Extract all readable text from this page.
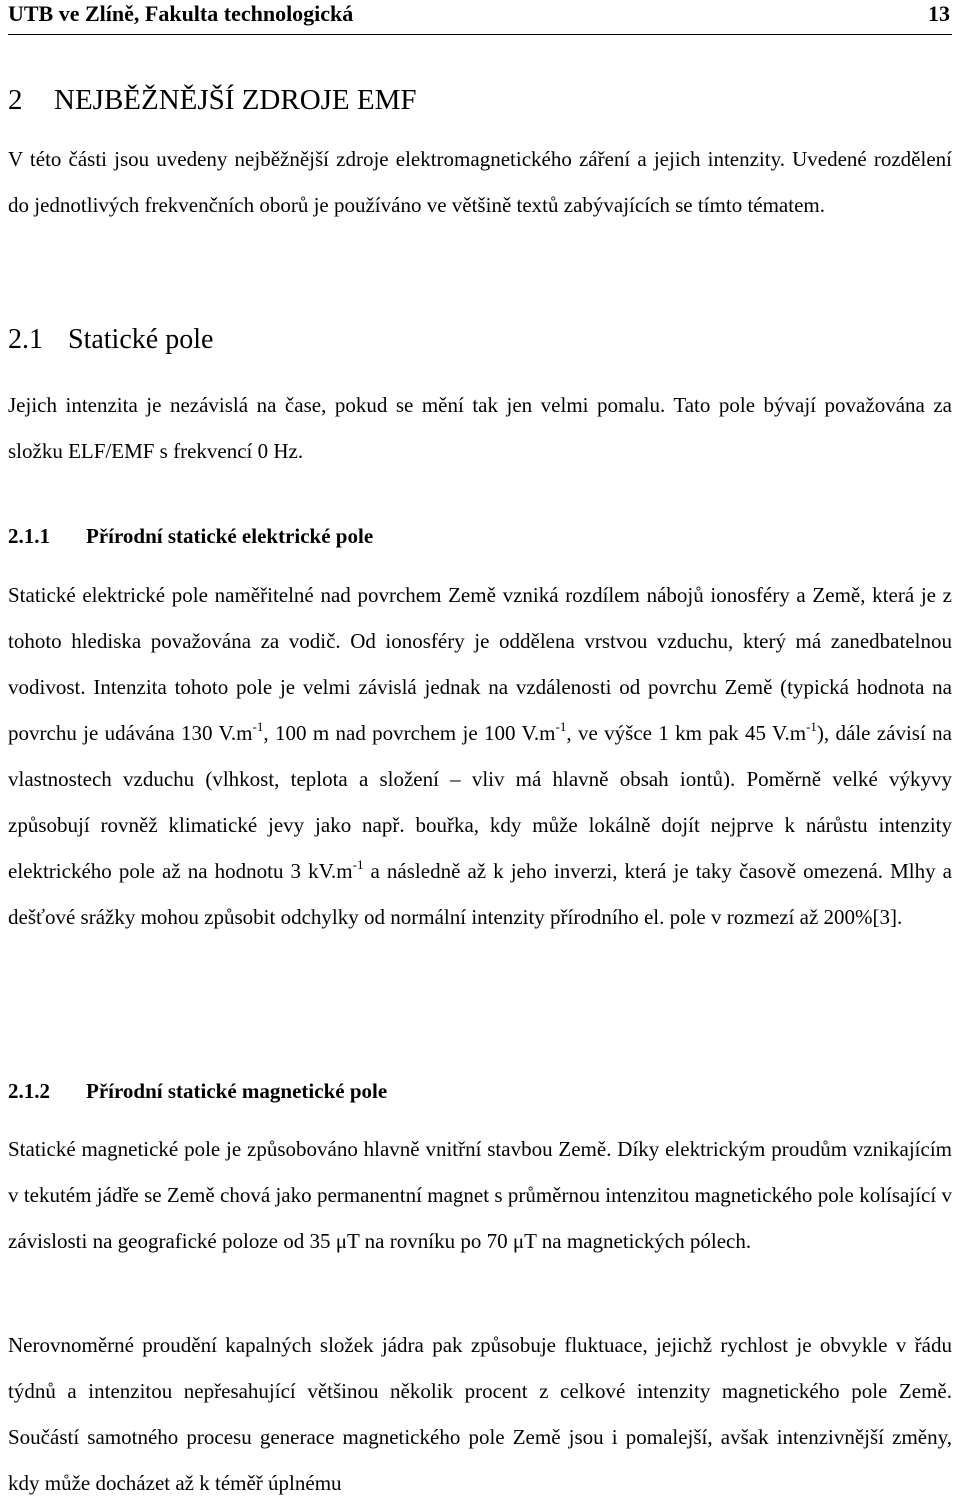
UTB ve Zlíně, Fakulta technologická	13
2 NEJBĚŽNĚJŠÍ ZDROJE EMF
V této části jsou uvedeny nejběžnější zdroje elektromagnetického záření a jejich intenzity. Uvedené rozdělení do jednotlivých frekvenčních oborů je používáno ve většině textů zabývajících se tímto tématem.
2.1 Statické pole
Jejich intenzita je nezávislá na čase, pokud se mění tak jen velmi pomalu. Tato pole bývají považována za složku ELF/EMF s frekvencí 0 Hz.
2.1.1 Přírodní statické elektrické pole
Statické elektrické pole naměřitelné nad povrchem Země vzniká rozdílem nábojů ionosféry a Země, která je z tohoto hlediska považována za vodič. Od ionosféry je oddělena vrstvou vzduchu, který má zanedbatelnou vodivost. Intenzita tohoto pole je velmi závislá jednak na vzdálenosti od povrchu Země (typická hodnota na povrchu je udávána 130 $V.m^{-1}$, 100 m nad povrchem je 100 $V.m^{-1}$, ve výšce 1 km pak 45 $V.m^{-1}$), dále závisí na vlastnostech vzduchu (vlhkost, teplota a složení – vliv má hlavně obsah iontů). Poměrně velké výkyvy způsobují rovněž klimatické jevy jako např. bouřka, kdy může lokálně dojít nejprve k nárůstu intenzity elektrického pole až na hodnotu 3 $kV.m^{-1}$ a následně až k jeho inverzi, která je taky časově omezená. Mlhy a dešťové srážky mohou způsobit odchylky od normální intenzity přírodního el. pole v rozmezí až 200%[3].
2.1.2 Přírodní statické magnetické pole
Statické magnetické pole je způsobováno hlavně vnitřní stavbou Země. Díky elektrickým proudům vznikajícím v tekutém jádře se Země chová jako permanentní magnet s průměrnou intenzitou magnetického pole kolísající v závislosti na geografické poloze od 35 μT na rovníku po 70 μT na magnetických pólech.
Nerovnoměrné proudění kapalných složek jádra pak způsobuje fluktuace, jejichž rychlost je obvykle v řádu týdnů a intenzitou nepřesahující většinou několik procent z celkové intenzity magnetického pole Země. Součástí samotného procesu generace magnetického pole Země jsou i pomalejší, avšak intenzivnější změny, kdy může docházet až k téměř úplnému
